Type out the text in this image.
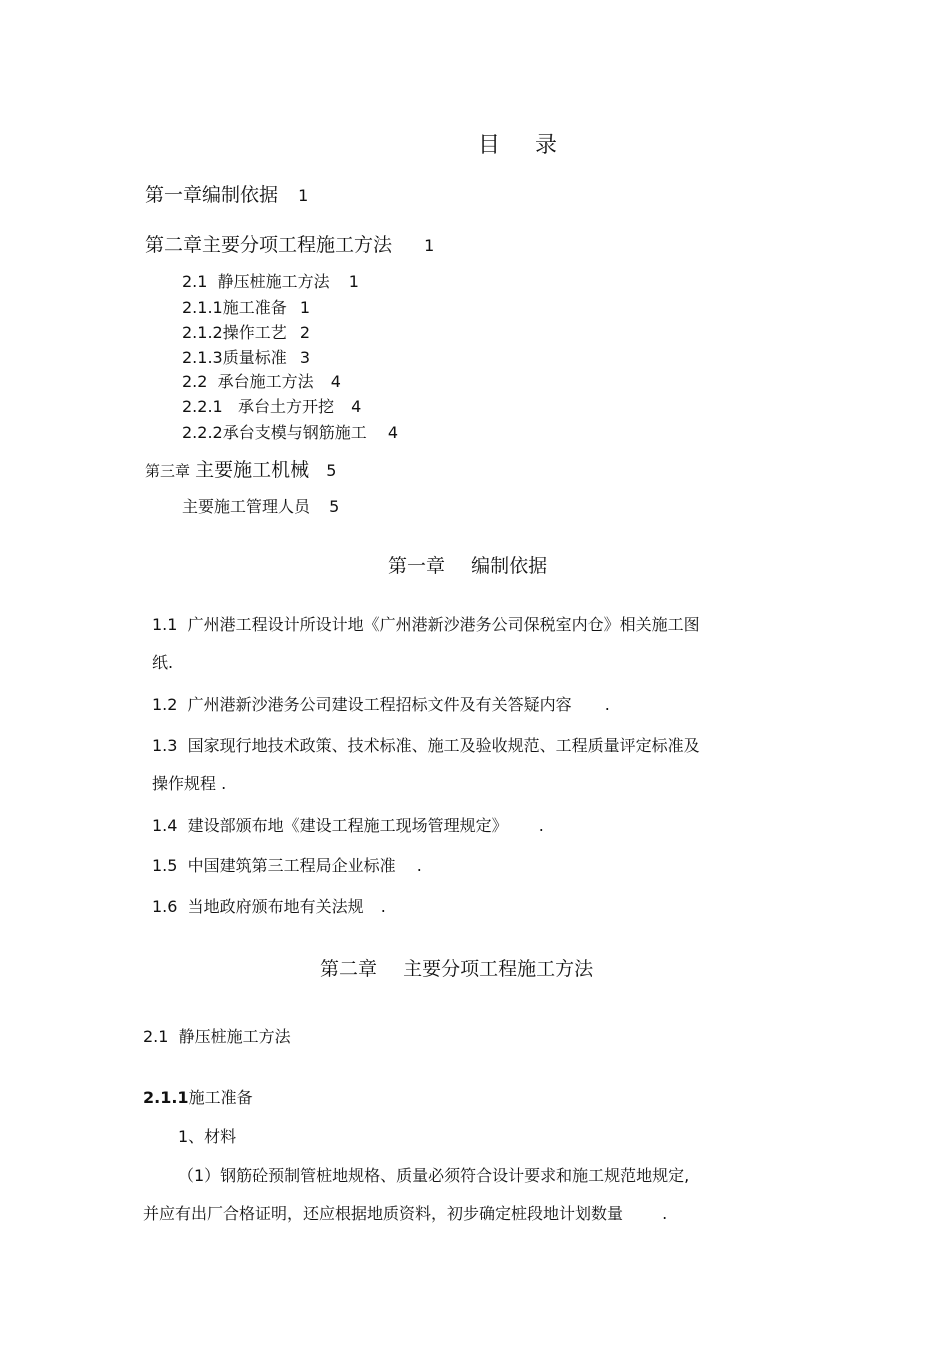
目 录
第一章编制依据 1
第二章主要分项工程施工方法 1
2.1  静压桩施工方法 1
2.1.1施工准备 1
2.1.2操作工艺 2
2.1.3质量标准 3
2.2  承台施工方法 4
2.2.1   承台土方开挖 4
2.2.2承台支模与钢筋施工 4
第三章 主要施工机械 5
主要施工管理人员 5
第一章 编制依据
1.1  广州港工程设计所设计地《广州港新沙港务公司保税室内仓》相关施工图
纸.
1.2  广州港新沙港务公司建设工程招标文件及有关答疑内容 .
1.3  国家现行地技术政策、技术标准、施工及验收规范、工程质量评定标准及
操作规程 .
1.4  建设部颁布地《建设工程施工现场管理规定》 .
1.5  中国建筑第三工程局企业标准 .
1.6  当地政府颁布地有关法规 .
第二章 主要分项工程施工方法
2.1  静压桩施工方法
2.1.1施工准备
1、材料
（1）钢筋砼预制管桩地规格、质量必须符合设计要求和施工规范地规定,
并应有出厂合格证明，还应根据地质资料，初步确定桩段地计划数量 .
